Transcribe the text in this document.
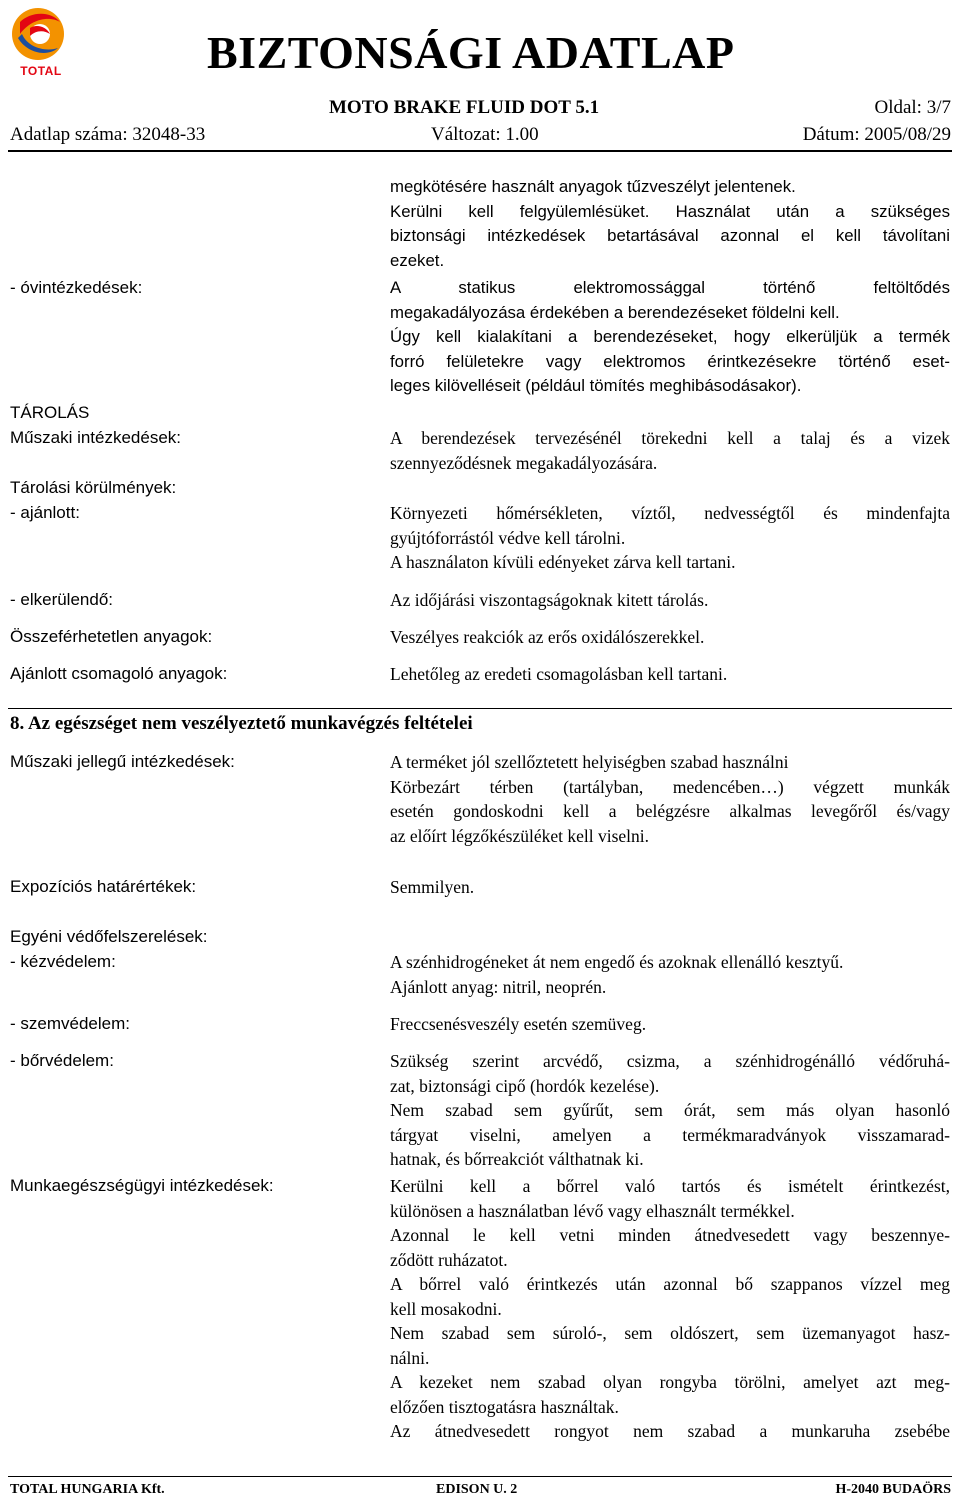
TOTAL	BIZTONSÁGI ADATLAP
MOTO BRAKE FLUID DOT 5.1	Oldal: 3/7
Adatlap száma: 32048-33	Változat: 1.00	Dátum: 2005/08/29

megkötésére használt anyagok tűzveszélyt jelentenek.

Kerülni kell felgyülemlésüket. Használat után a szükséges

biztonsági intézkedések betartásával azonnal el kell távolítani

ezeket.

- óvintézkedések:	A statikus elektromossággal történő feltöltődés

megakadályozása érdekében a berendezéseket földelni kell.

Úgy kell kialakítani a berendezéseket, hogy elkerüljük a termék

forró felületekre vagy elektromos érintkezésekre történő eset-

leges kilövelléseit (például tömítés meghibásodásakor).

TÁROLÁS
Műszaki intézkedések:	A berendezések tervezésénél törekedni kell a talaj és a vizek

szennyeződésnek megakadályozására.

Tárolási körülmények:
- ajánlott:	Környezeti hőmérsékleten, víztől, nedvességtől és mindenfajta

gyújtóforrástól védve kell tárolni.

A használaton kívüli edényeket zárva kell tartani.

- elkerülendő:	Az időjárási viszontagságoknak kitett tárolás.
Összeférhetetlen anyagok:	Veszélyes reakciók az erős oxidálószerekkel.
Ajánlott csomagoló anyagok:	Lehetőleg az eredeti csomagolásban kell tartani.
8. Az egészséget nem veszélyeztető munkavégzés feltételei
Műszaki jellegű intézkedések:	A terméket jól szellőztetett helyiségben szabad használni

Körbezárt térben (tartályban, medencében…) végzett munkák

esetén gondoskodni kell a belégzésre alkalmas levegőről és/vagy

az előírt légzőkészüléket kell viselni.

Expozíciós határértékek:	Semmilyen.
Egyéni védőfelszerelések:
- kézvédelem:	A szénhidrogéneket át nem engedő és azoknak ellenálló kesztyű.

Ajánlott anyag: nitril, neoprén.

- szemvédelem:	Freccsenésveszély esetén szemüveg.
- bőrvédelem:	Szükség szerint arcvédő, csizma, a szénhidrogénálló védőruhá-

zat, biztonsági cipő (hordók kezelése).

Nem szabad sem gyűrűt, sem órát, sem más olyan hasonló

tárgyat viselni, amelyen a termékmaradványok visszamarad-

hatnak, és bőrreakciót válthatnak ki.

Munkaegészségügyi intézkedések:	Kerülni kell a bőrrel való tartós és ismételt érintkezést,

különösen a használatban lévő vagy elhasznált termékkel.

Azonnal le kell vetni minden átnedvesedett vagy beszennye-

ződött ruházatot.

A bőrrel való érintkezés után azonnal bő szappanos vízzel meg

kell mosakodni.

Nem szabad sem súroló-, sem oldószert, sem üzemanyagot hasz-

nálni.

A kezeket nem szabad olyan rongyba törölni, amelyet azt meg-

előzően tisztogatásra használtak.

Az átnedvesedett rongyot nem szabad a munkaruha zsebébe

TOTAL HUNGARIA Kft.	EDISON U. 2	H-2040 BUDAÖRS
